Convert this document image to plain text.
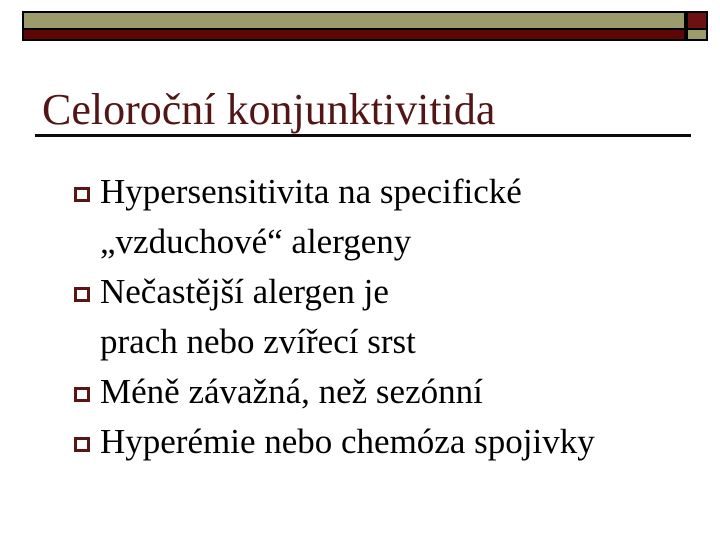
Celoroční konjunktivitida
Hypersensitivita na specifické
„vzduchové“ alergeny
Nečastější alergen je
prach nebo zvířecí srst
Méně závažná, než sezónní
Hyperémie nebo chemóza spojivky
